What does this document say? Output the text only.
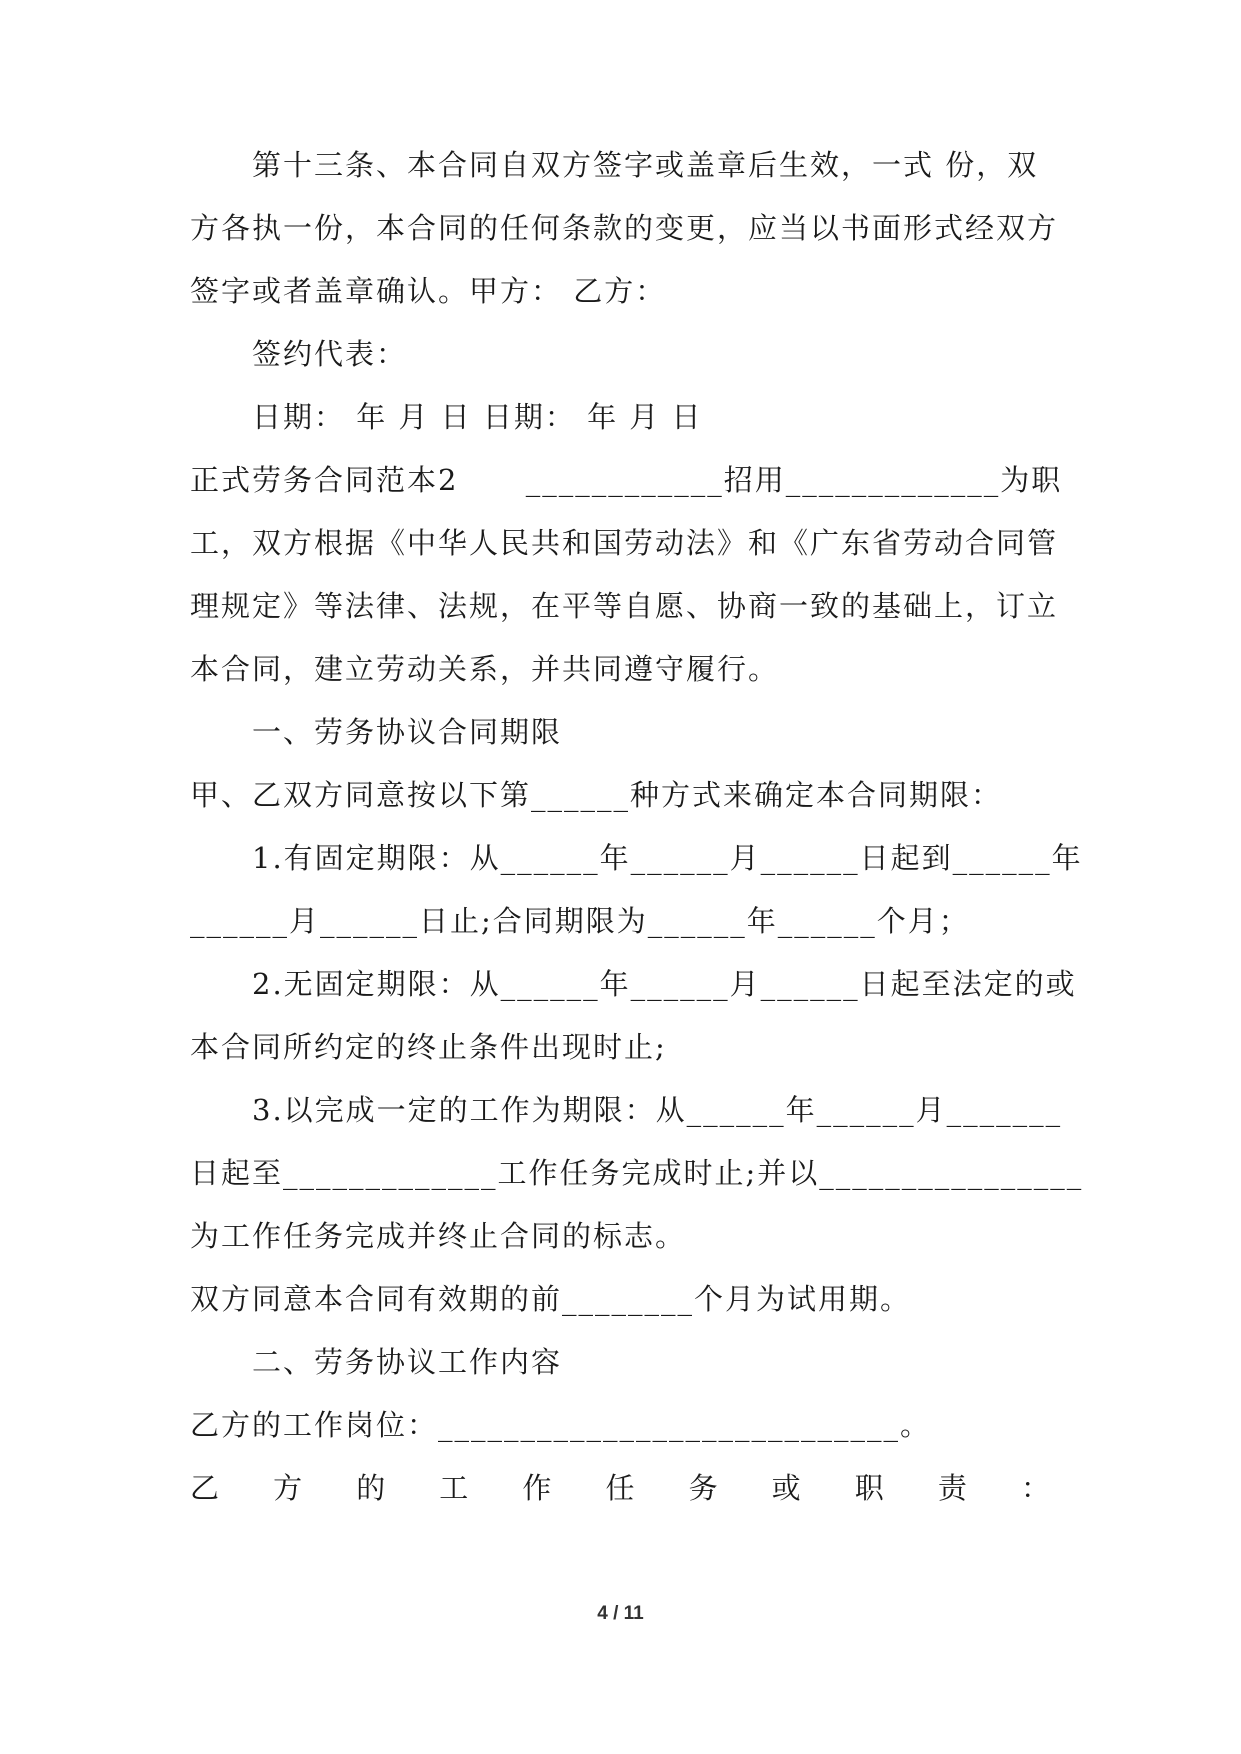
第十三条、本合同自双方签字或盖章后生效，一式 份，双
方各执一份，本合同的任何条款的变更，应当以书面形式经双方
签字或者盖章确认。甲方： 乙方：
签约代表：
日期： 年 月 日 日期： 年 月 日
正式劳务合同范本2      ____________招用_____________为职
工，双方根据《中华人民共和国劳动法》和《广东省劳动合同管
理规定》等法律、法规，在平等自愿、协商一致的基础上，订立
本合同，建立劳动关系，并共同遵守履行。
一、劳务协议合同期限
甲、乙双方同意按以下第______种方式来确定本合同期限：
1.有固定期限：从______年______月______日起到______年
______月______日止;合同期限为______年______个月；
2.无固定期限：从______年______月______日起至法定的或
本合同所约定的终止条件出现时止;
3.以完成一定的工作为期限：从______年______月_______
日起至_____________工作任务完成时止;并以________________
为工作任务完成并终止合同的标志。
双方同意本合同有效期的前________个月为试用期。
二、劳务协议工作内容
乙方的工作岗位：____________________________。
乙 方 的 工 作 任 务 或 职 责 ：
4 / 11
